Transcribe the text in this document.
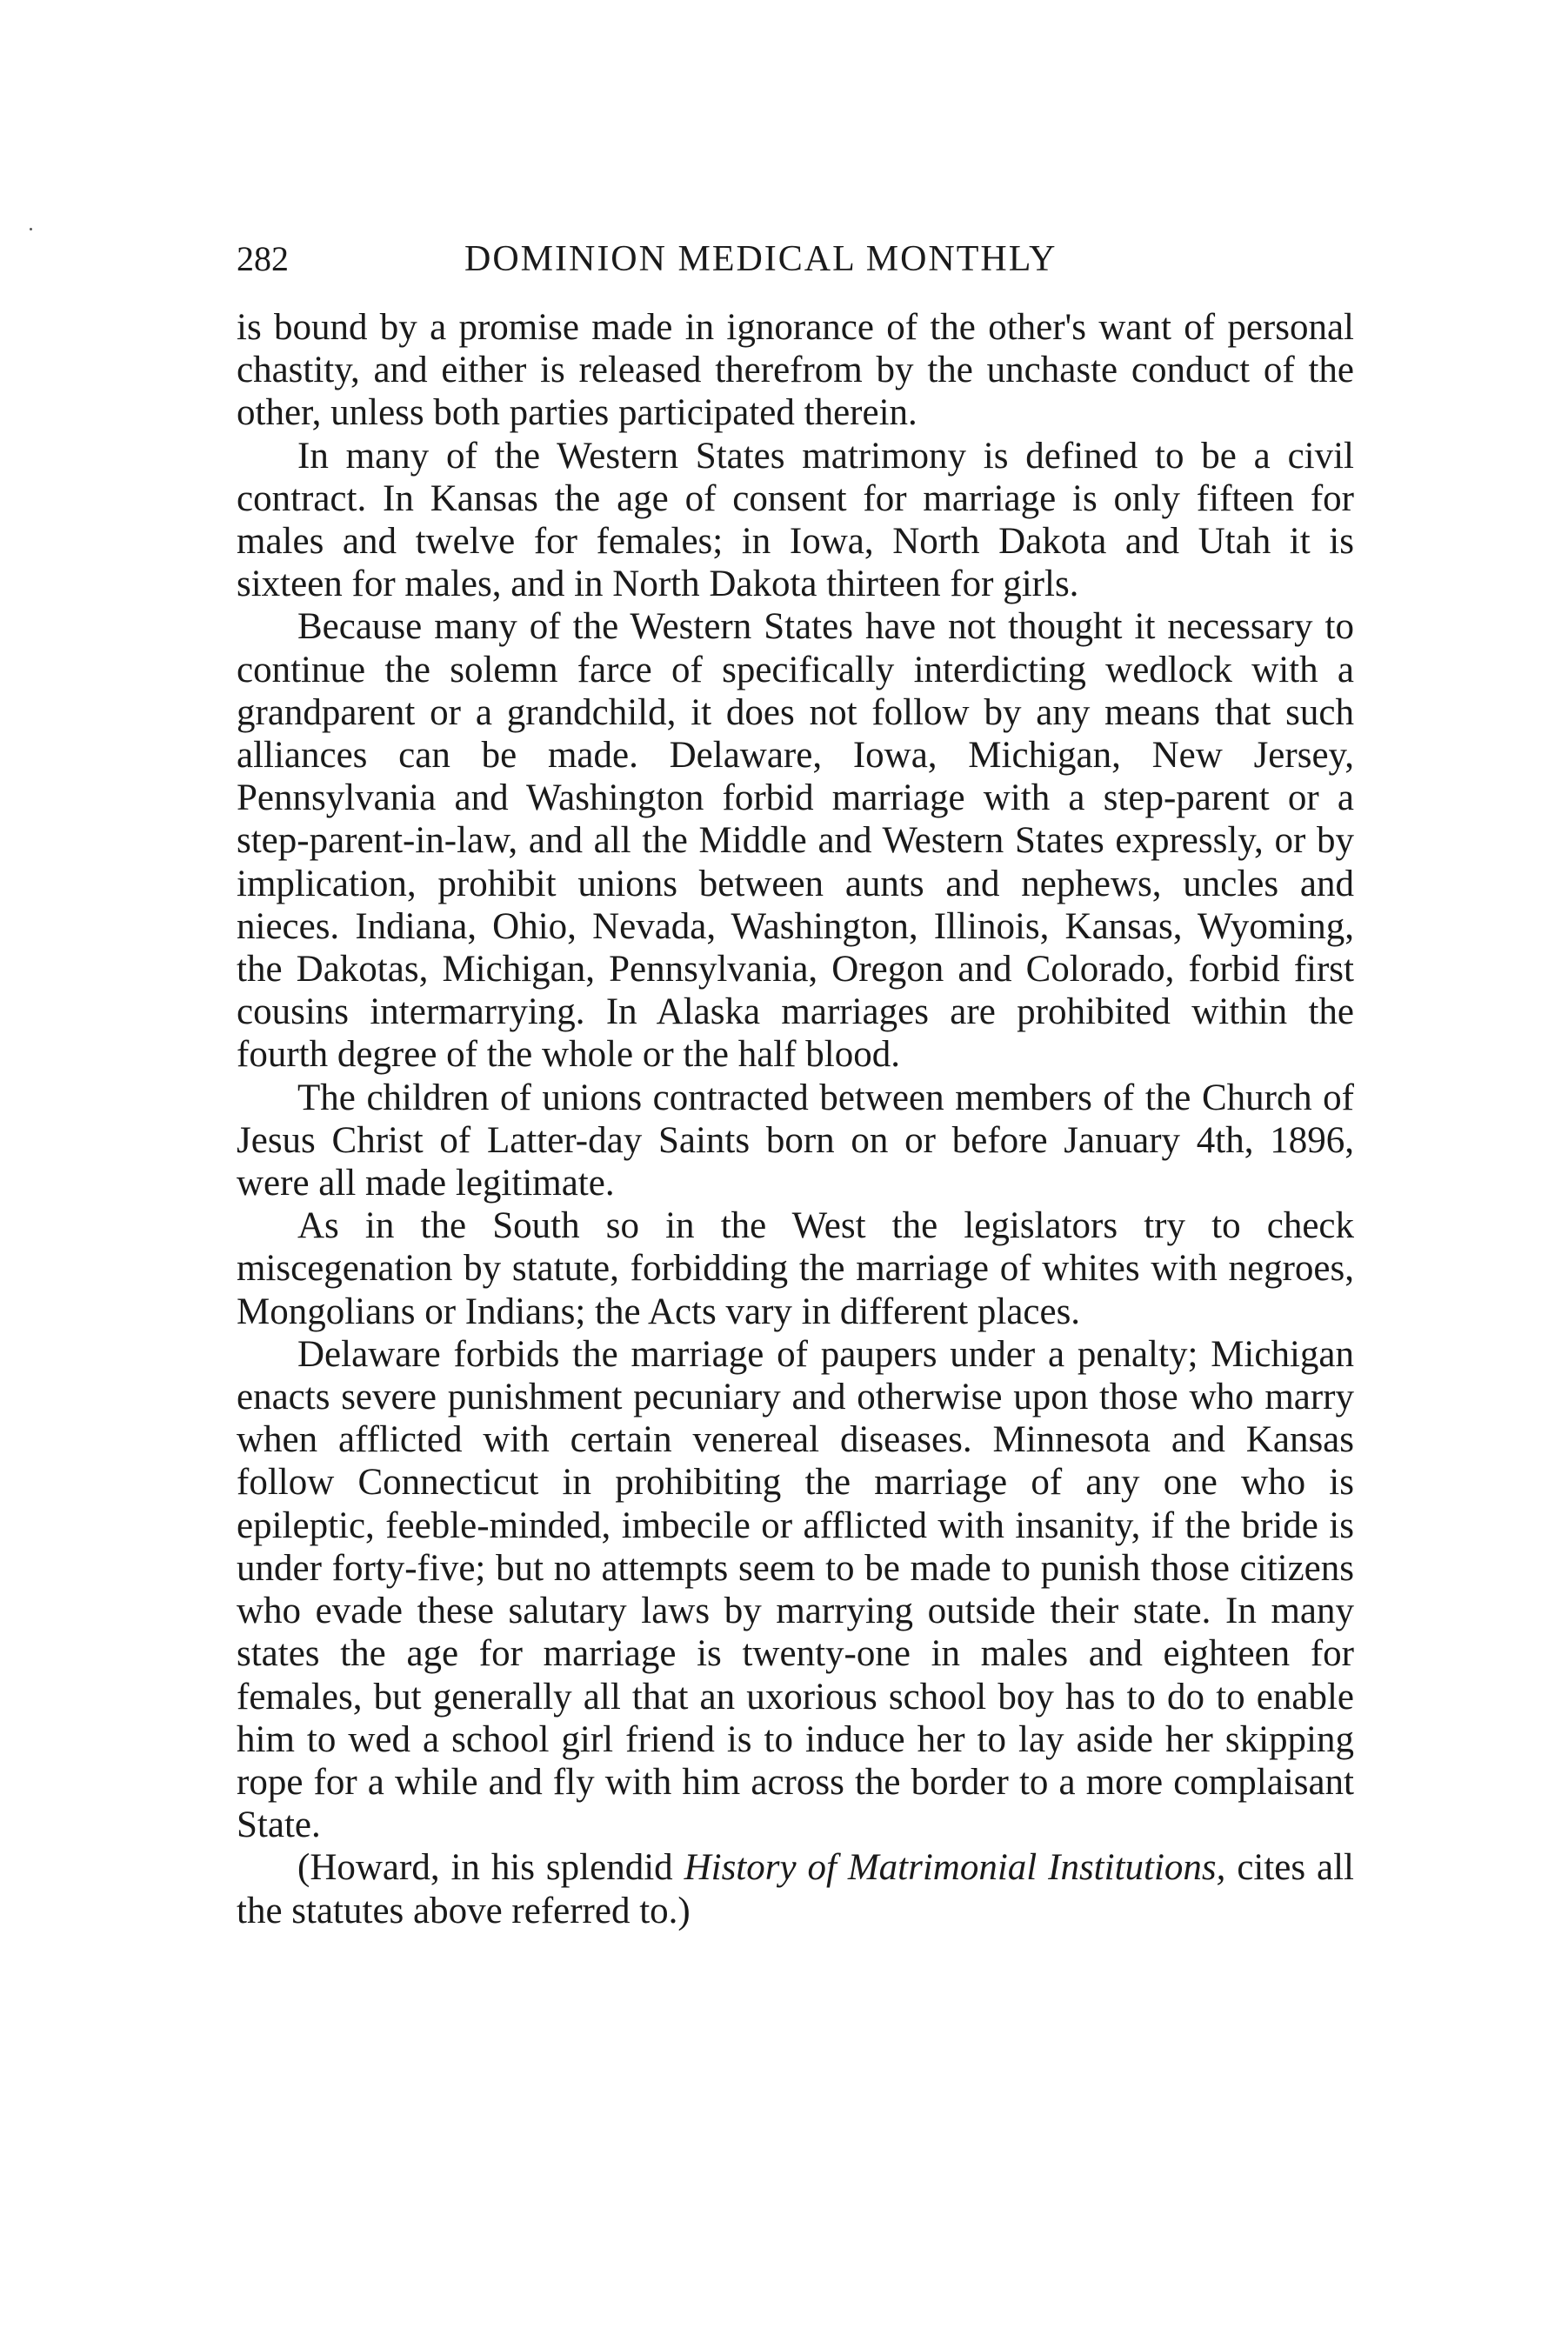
282	DOMINION MEDICAL MONTHLY

is bound by a promise made in ignorance of the other's want of personal chastity, and either is released therefrom by the unchaste conduct of the other, unless both parties participated therein.

In many of the Western States matrimony is defined to be a civil contract. In Kansas the age of consent for marriage is only fifteen for males and twelve for females; in Iowa, North Dakota and Utah it is sixteen for males, and in North Dakota thirteen for girls.

Because many of the Western States have not thought it necessary to continue the solemn farce of specifically interdicting wedlock with a grandparent or a grandchild, it does not follow by any means that such alliances can be made. Delaware, Iowa, Michigan, New Jersey, Pennsylvania and Washington forbid marriage with a step-parent or a step-parent-in-law, and all the Middle and Western States expressly, or by implication, prohibit unions between aunts and nephews, uncles and nieces. Indiana, Ohio, Nevada, Washington, Illinois, Kansas, Wyoming, the Dakotas, Michigan, Pennsylvania, Oregon and Colorado, forbid first cousins intermarrying. In Alaska marriages are prohibited within the fourth degree of the whole or the half blood.

The children of unions contracted between members of the Church of Jesus Christ of Latter-day Saints born on or before January 4th, 1896, were all made legitimate.

As in the South so in the West the legislators try to check miscegenation by statute, forbidding the marriage of whites with negroes, Mongolians or Indians; the Acts vary in different places.

Delaware forbids the marriage of paupers under a penalty; Michigan enacts severe punishment pecuniary and otherwise upon those who marry when afflicted with certain venereal diseases. Minnesota and Kansas follow Connecticut in prohibiting the marriage of any one who is epileptic, feeble-minded, imbecile or afflicted with insanity, if the bride is under forty-five; but no attempts seem to be made to punish those citizens who evade these salutary laws by marrying outside their state. In many states the age for marriage is twenty-one in males and eighteen for females, but generally all that an uxorious school boy has to do to enable him to wed a school girl friend is to induce her to lay aside her skipping rope for a while and fly with him across the border to a more complaisant State.

(Howard, in his splendid History of Matrimonial Institutions, cites all the statutes above referred to.)
